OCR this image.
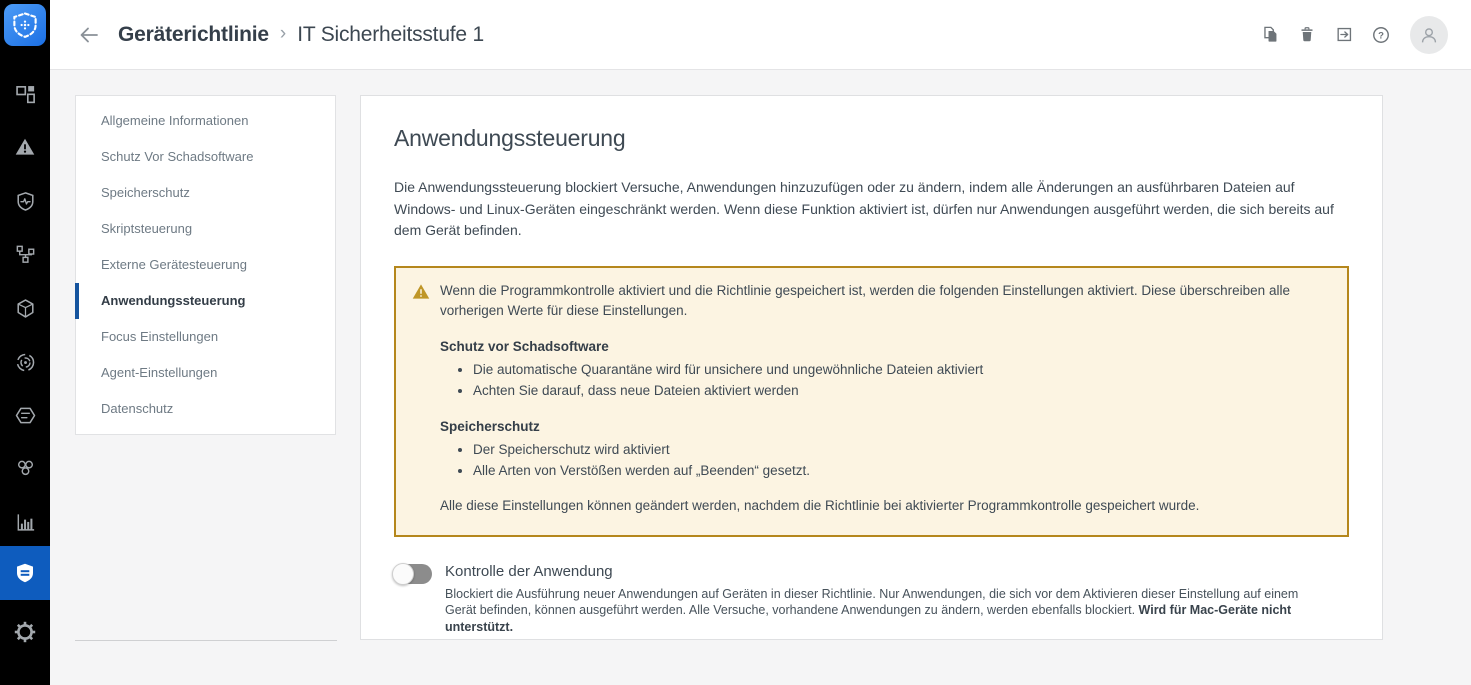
Geräterichtlinie › IT Sicherheitsstufe 1	?
Allgemeine Informationen
Schutz Vor Schadsoftware
Speicherschutz
Skriptsteuerung
Externe Gerätesteuerung
Anwendungssteuerung
Focus Einstellungen
Agent-Einstellungen
Datenschutz
Anwendungssteuerung

Die Anwendungssteuerung blockiert Versuche, Anwendungen hinzuzufügen oder zu ändern, indem alle Änderungen an ausführbaren Dateien auf Windows- und Linux-Geräten eingeschränkt werden. Wenn diese Funktion aktiviert ist, dürfen nur Anwendungen ausgeführt werden, die sich bereits auf dem Gerät befinden.

Wenn die Programmkontrolle aktiviert und die Richtlinie gespeichert ist, werden die folgenden Einstellungen aktiviert. Diese überschreiben alle vorherigen Werte für diese Einstellungen.

Schutz vor Schadsoftware

• Die automatische Quarantäne wird für unsichere und ungewöhnliche Dateien aktiviert
• Achten Sie darauf, dass neue Dateien aktiviert werden

Speicherschutz

• Der Speicherschutz wird aktiviert
• Alle Arten von Verstößen werden auf „Beenden“ gesetzt.

Alle diese Einstellungen können geändert werden, nachdem die Richtlinie bei aktivierter Programmkontrolle gespeichert wurde.

Kontrolle der Anwendung
Blockiert die Ausführung neuer Anwendungen auf Geräten in dieser Richtlinie. Nur Anwendungen, die sich vor dem Aktivieren dieser Einstellung auf einem Gerät befinden, können ausgeführt werden. Alle Versuche, vorhandene Anwendungen zu ändern, werden ebenfalls blockiert. Wird für Mac-Geräte nicht unterstützt.
